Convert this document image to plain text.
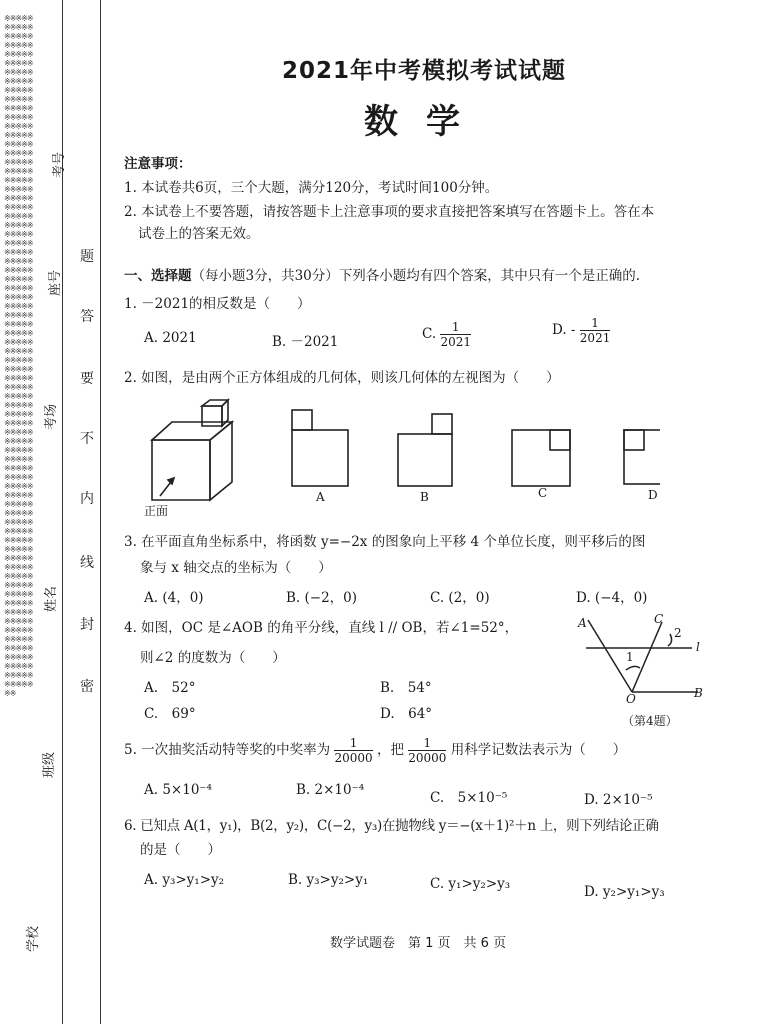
※※※※※※※※※※※※※※※※※※※※※※※※※※※※※※※※※※※※※※※※※※※※※※※※※※※※※※※※※※※※※※※※※※※※※※※※※※※※※※※※※※※※※※※※※※※※※※※※※※※※※※※※※※※※※※※※※※※※※※※※※※※※※※※※※※※※※※※※※※※※※※※※※※※※※※※※※※※※※※※※※※※※※※※※※※※※※※※※※※※※※※※※※※※※※※※※※※※※※※※※※※※※※※※※※※※※※※※※※※※※※※※※※※※※※※※※※※※※※※※※※※※※※※※※※※※※※※※※※※※※※※※※※※※※※※※※※※※※※※※※※※※※※※※※※※※※※※※※※※※※※※※※※※※※※※※※※※※※※※※※※※※※※※※※※※※※※※※※※※※※※※※※※※※※※※※※※※※※※※※※※※※※※※※※※※※※※※※※※
考号
座号
考场
姓名
班级
学校
题
答
要
不
内
线
封
密
2021年中考模拟考试试题
数学
注意事项：
1. 本试卷共6页，三个大题，满分120分，考试时间100分钟。
2. 本试卷上不要答题，请按答题卡上注意事项的要求直接把答案填写在答题卡上。答在本
试卷上的答案无效。
一、选择题（每小题3分，共30分）下列各小题均有四个答案，其中只有一个是正确的.
1. －2021的相反数是（　　）
A. 2021	B. －2021	C. $\frac{1}{2021}$	D. - $\frac{1}{2021}$
2. 如图，是由两个正方体组成的几何体，则该几何体的左视图为（　　）
正面
A	B	C	D
3. 在平面直角坐标系中，将函数 y=−2x 的图象向上平移 4 个单位长度，则平移后的图
象与 x 轴交点的坐标为（　　）
A. (4，0)	B. (−2，0)	C. (2，0)	D. (−4，0)
4. 如图，OC 是∠AOB 的角平分线，直线 l // OB，若∠1=52°，
则∠2 的度数为（　　）
A.　52°	B.　54°
C.　69°	D.　64°
A	C
2
1
l
O	B
（第4题）
5. 一次抽奖活动特等奖的中奖率为 $\frac{1}{20000}$ ，把 $\frac{1}{20000}$ 用科学记数法表示为（　　）
A. 5×10⁻⁴	B. 2×10⁻⁴	C.　5×10⁻⁵	D. 2×10⁻⁵
6. 已知点 A(1，y₁)，B(2，y₂)，C(−2，y₃)在抛物线 y＝−(x＋1)²＋n 上，则下列结论正确
的是（　　）
A. y₃>y₁>y₂	B. y₃>y₂>y₁	C. y₁>y₂>y₃	D. y₂>y₁>y₃
数学试题卷　第 1 页　共 6 页
